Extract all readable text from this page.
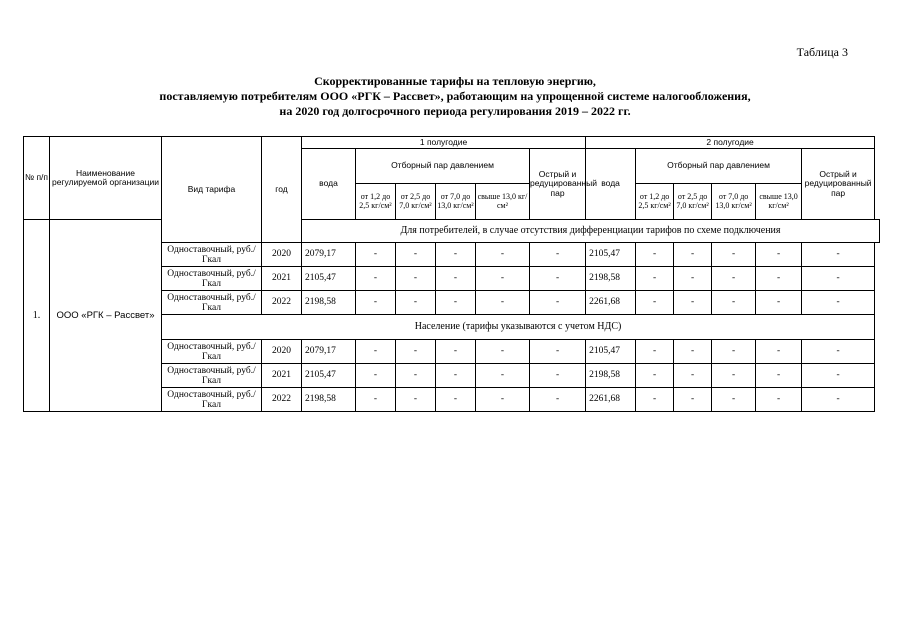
Таблица 3
Скорректированные тарифы на тепловую энергию,
поставляемую потребителям ООО «РГК – Рассвет», работающим на упрощенной системе налогообложения,
на 2020 год долгосрочного периода регулирования 2019 – 2022 гг.
№ п/п	Наименование регулируемой организации	Вид тарифа	год	1 полугодие						2 полугодие					
				вода	Отборный пар давлением				Острый и редуцированный пар	вода	Отборный пар давлением				Острый и редуцированный пар
					от 1,2 до 2,5 кг/см²	от 2,5 до 7,0 кг/см²	от 7,0 до 13,0 кг/см²	свыше 13,0 кг/см²			от 1,2 до 2,5 кг/см²	от 2,5 до 7,0 кг/см²	от 7,0 до 13,0 кг/см²	свыше 13,0 кг/см²	
1.	ООО «РГК – Рассвет»			Для потребителей, в случае отсутствия дифференциации тарифов по схеме подключения											
		Одноставочный, руб./Гкал	2020	2079,17	-	-	-	-	-	2105,47	-	-	-	-	-
		Одноставочный, руб./Гкал	2021	2105,47	-	-	-	-	-	2198,58	-	-	-	-	-
		Одноставочный, руб./Гкал	2022	2198,58	-	-	-	-	-	2261,68	-	-	-	-	-
		Население (тарифы указываются с учетом НДС)													
		Одноставочный, руб./Гкал	2020	2079,17	-	-	-	-	-	2105,47	-	-	-	-	-
		Одноставочный, руб./Гкал	2021	2105,47	-	-	-	-	-	2198,58	-	-	-	-	-
		Одноставочный, руб./Гкал	2022	2198,58	-	-	-	-	-	2261,68	-	-	-	-	-
